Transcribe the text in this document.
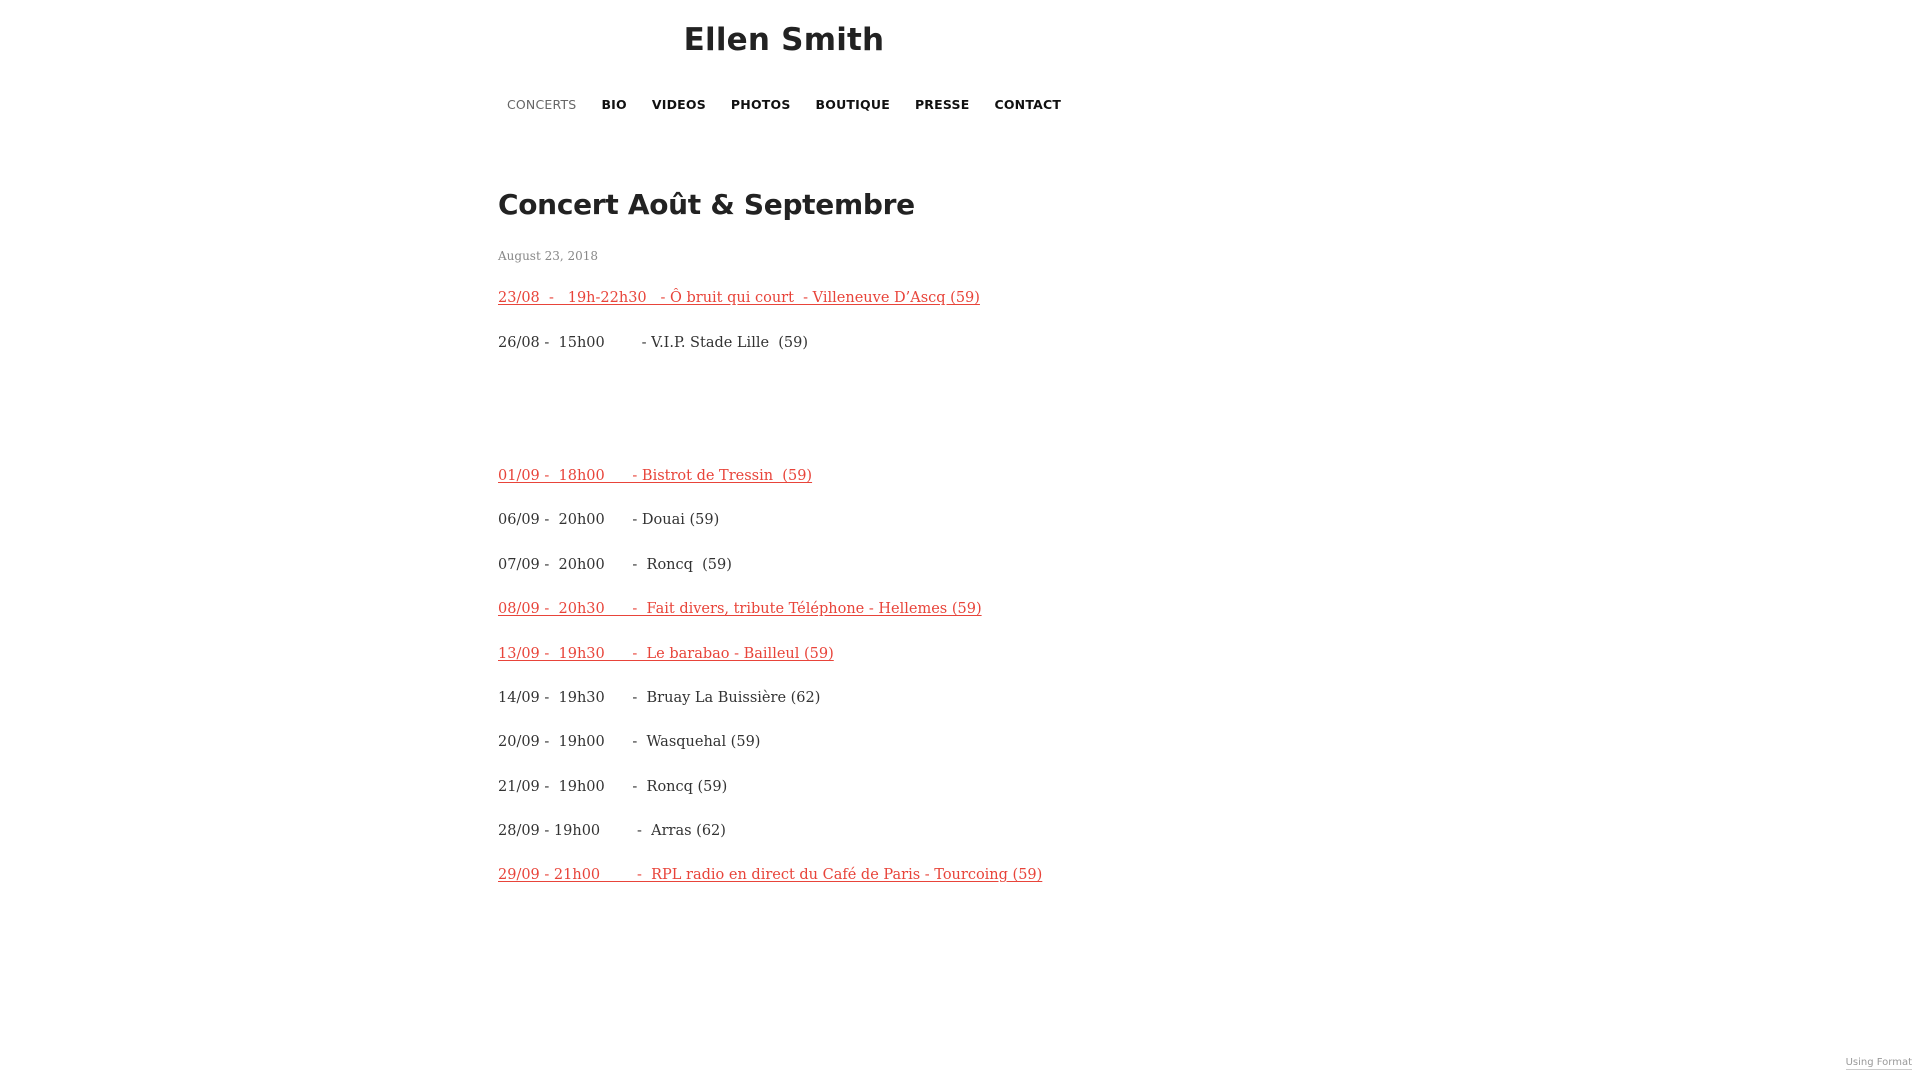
Ellen Smith
CONCERTS BIO VIDEOS PHOTOS BOUTIQUE PRESSE CONTACT
Concert Août & Septembre
August 23, 2018
23/08  -   19h-22h30   - Ô bruit qui court  - Villeneuve D’Ascq (59)
26/08 -  15h00        - V.I.P. Stade Lille  (59)
01/09 -  18h00      - Bistrot de Tressin  (59)
06/09 -  20h00      - Douai (59)
07/09 -  20h00      -  Roncq  (59)
08/09 -  20h30      -  Fait divers, tribute Téléphone - Hellemes (59)
13/09 -  19h30      -  Le barabao - Bailleul (59)
14/09 -  19h30      -  Bruay La Buissière (62)
20/09 -  19h00      -  Wasquehal (59)
21/09 -  19h00      -  Roncq (59)
28/09 - 19h00        -  Arras (62)
29/09 - 21h00        -  RPL radio en direct du Café de Paris - Tourcoing (59)
Using Format
